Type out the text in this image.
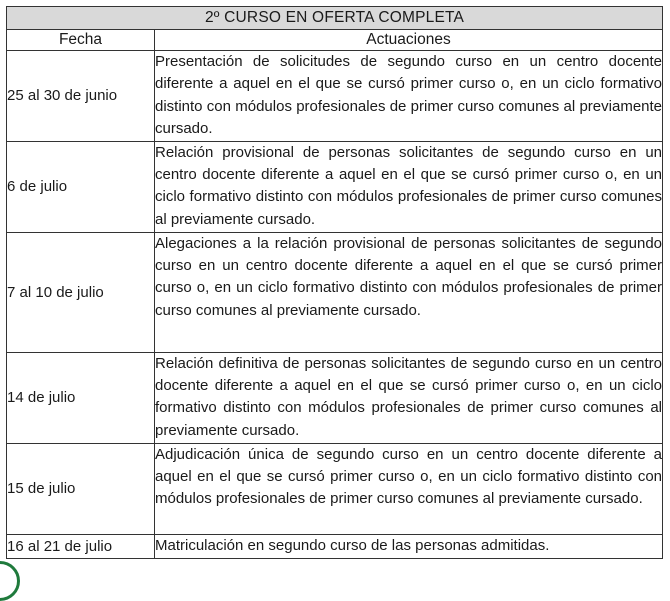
2º CURSO EN OFERTA COMPLETA	
Fecha	Actuaciones
25 al 30 de junio	Presentación de solicitudes de segundo curso en un centro docente diferente a aquel en el que se cursó primer curso o, en un ciclo formativo distinto con módulos profesionales de primer curso comunes al previamente cursado.
6 de julio	Relación provisional de personas solicitantes de segundo curso en un centro docente diferente a aquel en el que se cursó primer curso o, en un ciclo formativo distinto con módulos profesionales de primer curso comunes al previamente cursado.
7 al 10 de julio	Alegaciones a la relación provisional de personas solicitantes de segundo curso en un centro docente diferente a aquel en el que se cursó primer curso o, en un ciclo formativo distinto con módulos profesionales de primer curso comunes al previamente cursado.
14 de julio	Relación definitiva de personas solicitantes de segundo curso en un centro docente diferente a aquel en el que se cursó primer curso o, en un ciclo formativo distinto con módulos profesionales de primer curso comunes al previamente cursado.
15 de julio	Adjudicación única de segundo curso en un centro docente diferente a aquel en el que se cursó primer curso o, en un ciclo formativo distinto con módulos profesionales de primer curso comunes al previamente cursado.
16 al 21 de julio	Matriculación en segundo curso de las personas admitidas.
